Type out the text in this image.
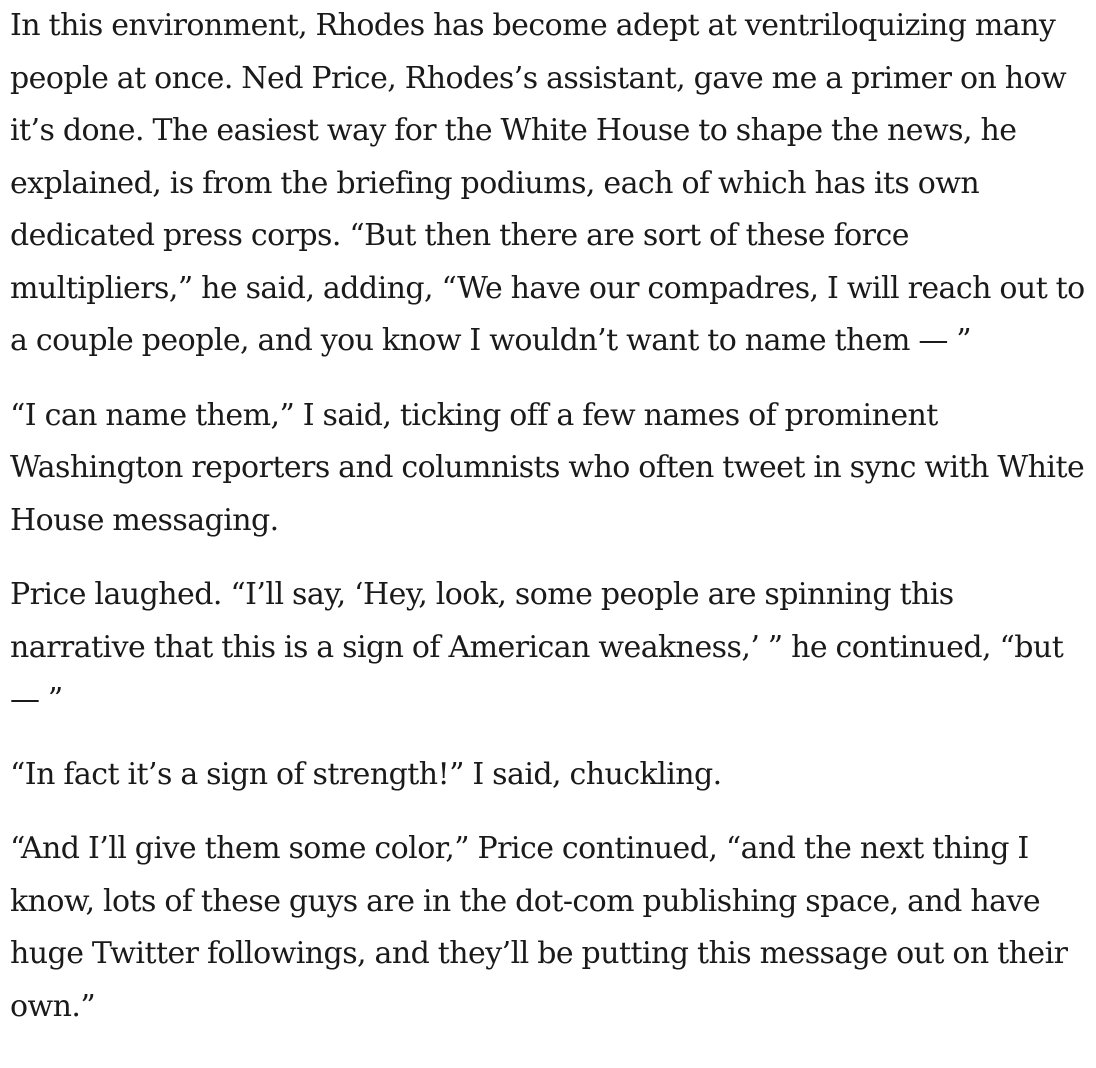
In this environment, Rhodes has become adept at ventriloquizing many people at once. Ned Price, Rhodes’s assistant, gave me a primer on how it’s done. The easiest way for the White House to shape the news, he explained, is from the briefing podiums, each of which has its own dedicated press corps. “But then there are sort of these force multipliers,” he said, adding, “We have our compadres, I will reach out to a couple people, and you know I wouldn’t want to name them — ”

“I can name them,” I said, ticking off a few names of prominent Washington reporters and columnists who often tweet in sync with White House messaging.

Price laughed. “I’ll say, ‘Hey, look, some people are spinning this narrative that this is a sign of American weakness,’ ” he continued, “but — ”

“In fact it’s a sign of strength!” I said, chuckling.

“And I’ll give them some color,” Price continued, “and the next thing I know, lots of these guys are in the dot-com publishing space, and have huge Twitter followings, and they’ll be putting this message out on their own.”
